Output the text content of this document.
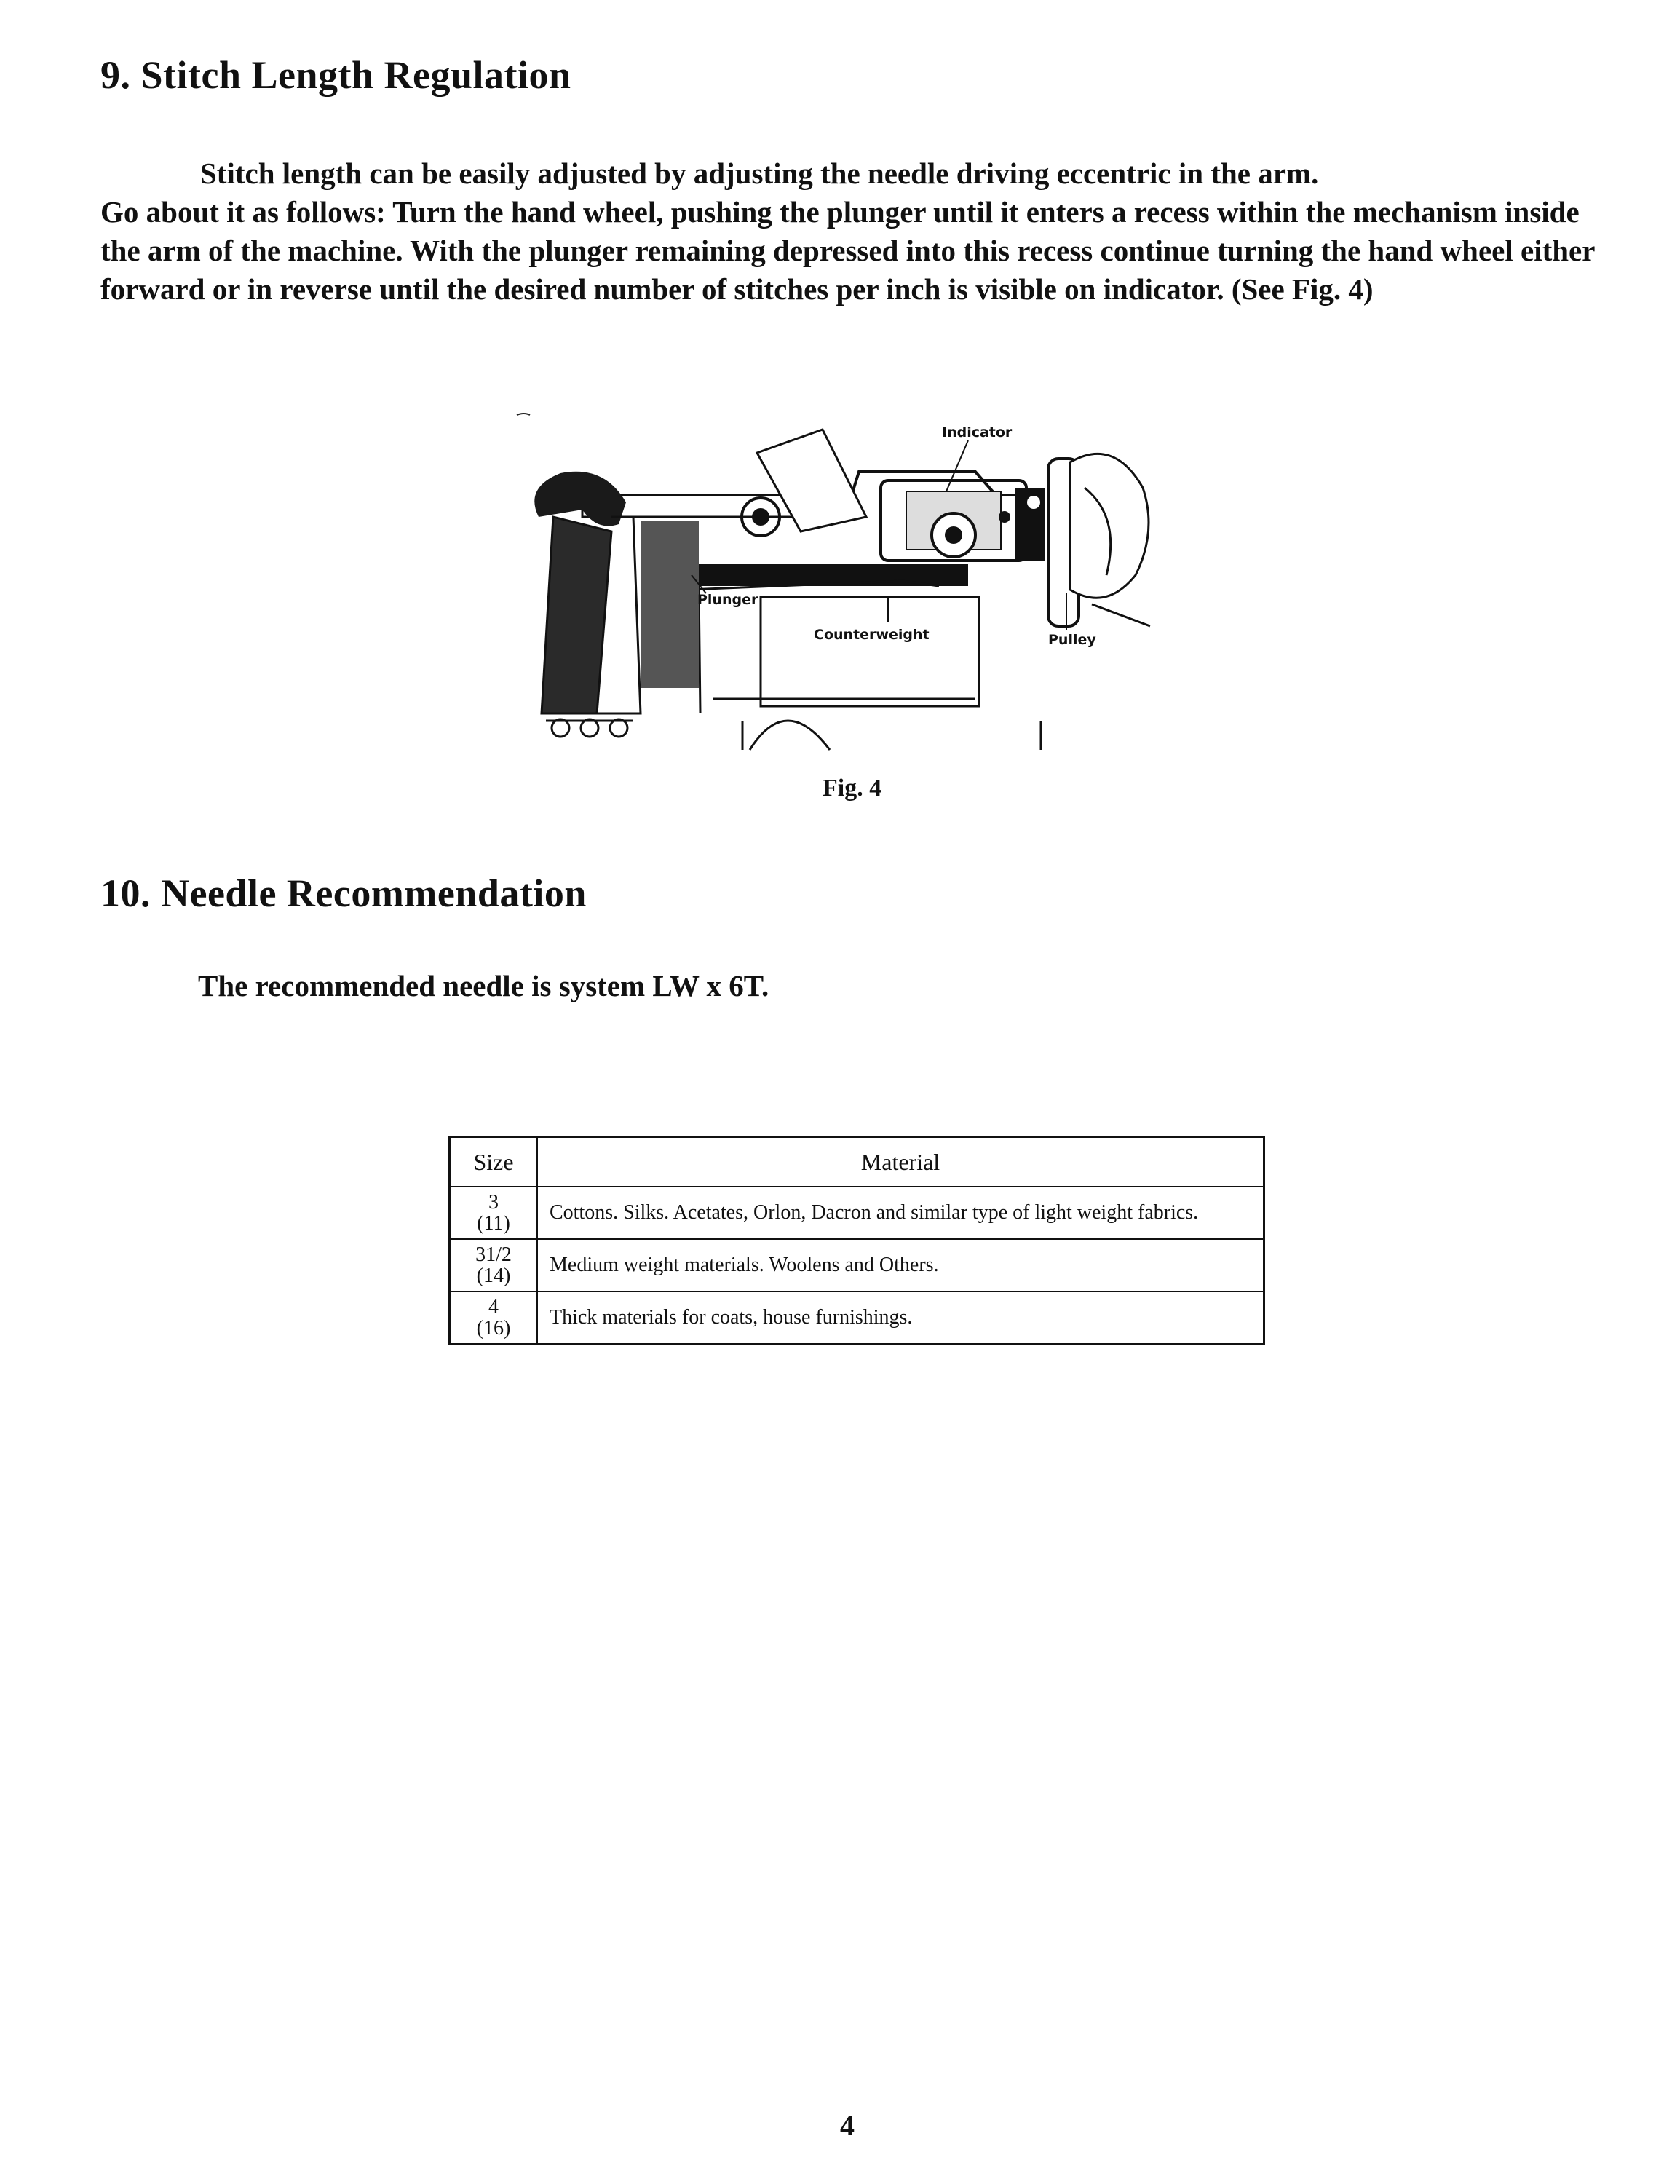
9. Stitch Length Regulation

Stitch length can be easily adjusted by adjusting the needle driving eccentric in the arm.
Go about it as follows: Turn the hand wheel, pushing the plunger until it enters a recess within the mechanism inside the arm of the machine. With the plunger remaining depressed into this recess continue turning the hand wheel either forward or in reverse until the desired number of stitches per inch is visible on indicator. (See Fig. 4)

Indicator
Plunger
Counterweight	Pulley

Fig. 4

10. Needle Recommendation

The recommended needle is system LW x 6T.

Size	Material

3
(11)	Cottons. Silks. Acetates, Orlon, Dacron and similar type of light weight fabrics.

31/2
(14)	Medium weight materials. Woolens and Others.

4
(16)	Thick materials for coats, house furnishings.

4
